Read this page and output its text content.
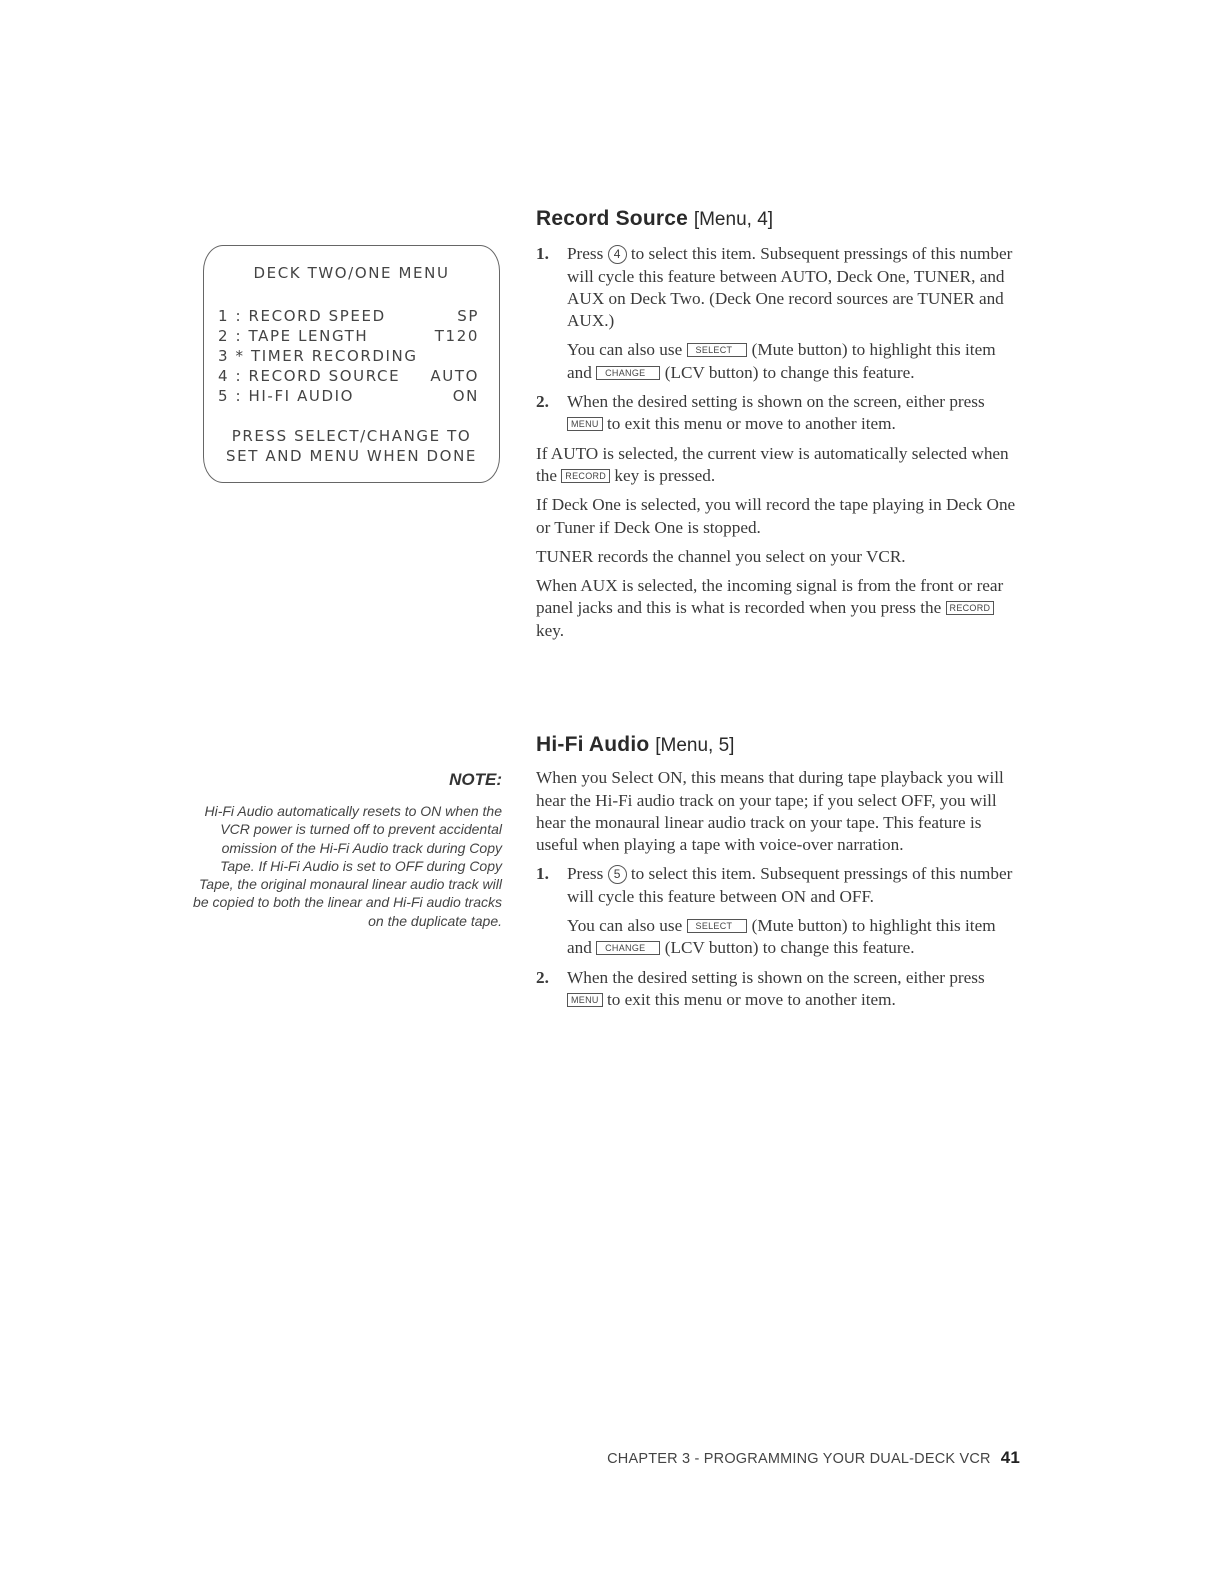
DECK TWO/ONE MENU
1 : RECORD SPEED	SP
2 : TAPE LENGTH	T120
3 * TIMER RECORDING
4 : RECORD SOURCE AUTO
5 : HI-FI AUDIO	ON
PRESS SELECT/CHANGE TO
SET AND MENU WHEN DONE
NOTE:
Hi-Fi Audio automatically resets to ON when the VCR power is turned off to prevent accidental omission of the Hi-Fi Audio track during Copy Tape. If Hi-Fi Audio is set to OFF during Copy Tape, the original monaural linear audio track will be copied to both the linear and Hi-Fi audio tracks on the duplicate tape.
Record Source [Menu, 4]
1. Press 4 to select this item. Subsequent pressings of this number will cycle this feature between AUTO, Deck One, TUNER, and AUX on Deck Two. (Deck One record sources are TUNER and AUX.)

You can also use SELECT (Mute button) to highlight this item and CHANGE (LCV button) to change this feature.

2. When the desired setting is shown on the screen, either press MENU to exit this menu or move to another item.

If AUTO is selected, the current view is automatically selected when the RECORD key is pressed.

If Deck One is selected, you will record the tape playing in Deck One or Tuner if Deck One is stopped.

TUNER records the channel you select on your VCR.

When AUX is selected, the incoming signal is from the front or rear panel jacks and this is what is recorded when you press the RECORD key.

Hi-Fi Audio [Menu, 5]

When you Select ON, this means that during tape playback you will hear the Hi-Fi audio track on your tape; if you select OFF, you will hear the monaural linear audio track on your tape. This feature is useful when playing a tape with voice-over narration.

1. Press 5 to select this item. Subsequent pressings of this number will cycle this feature between ON and OFF.

You can also use SELECT (Mute button) to highlight this item and CHANGE (LCV button) to change this feature.

2. When the desired setting is shown on the screen, either press MENU to exit this menu or move to another item.

CHAPTER 3 - PROGRAMMING YOUR DUAL-DECK VCR 41
